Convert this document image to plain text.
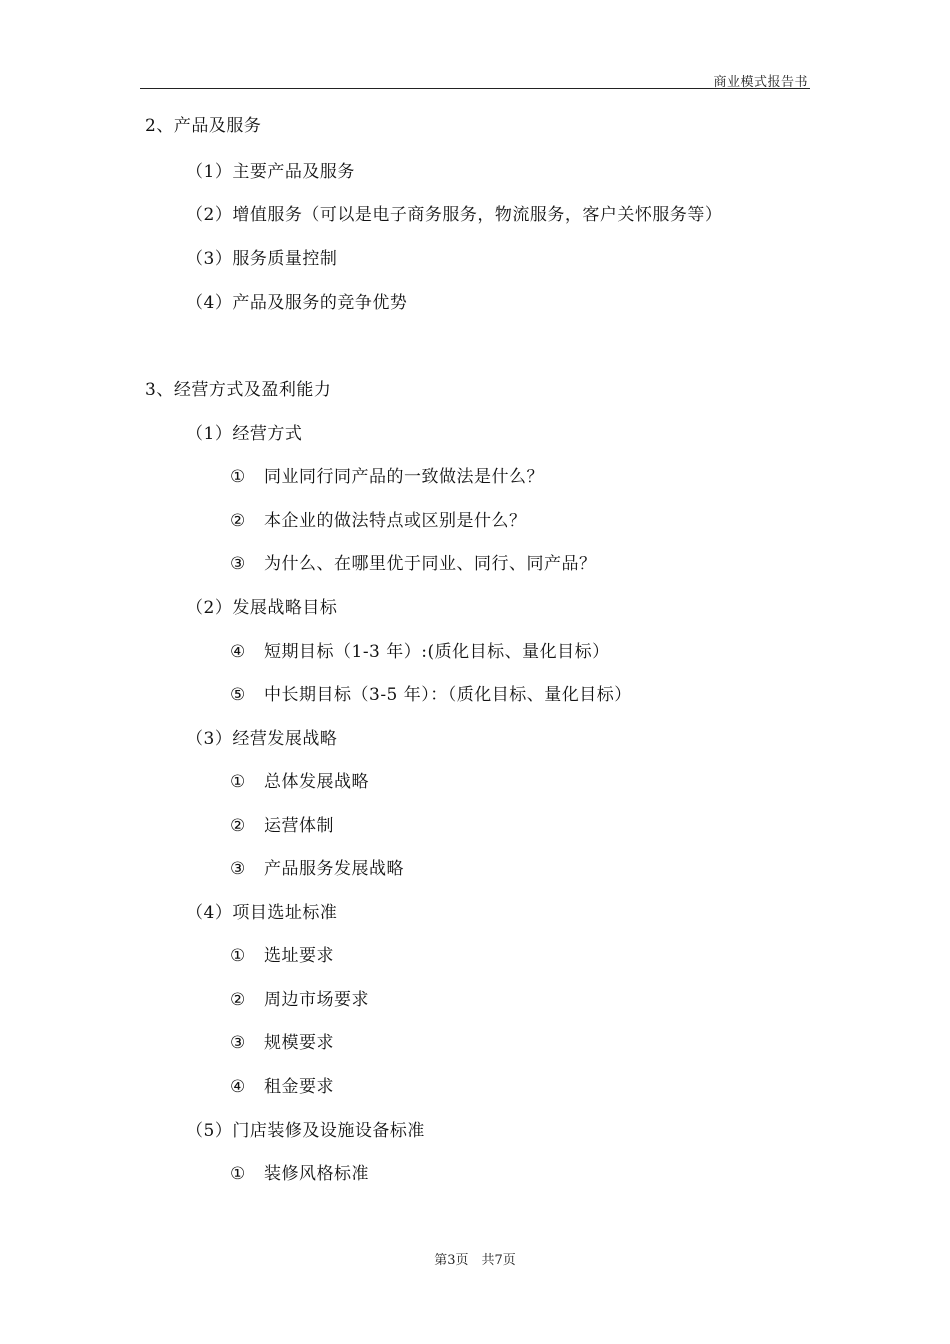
商业模式报告书
2、产品及服务
（1）主要产品及服务
（2）增值服务（可以是电子商务服务，物流服务，客户关怀服务等）
（3）服务质量控制
（4）产品及服务的竞争优势
3、经营方式及盈利能力
（1）经营方式
① 同业同行同产品的一致做法是什么？
② 本企业的做法特点或区别是什么？
③ 为什么、在哪里优于同业、同行、同产品？
（2）发展战略目标
④ 短期目标（1-3 年）:(质化目标、量化目标）
⑤ 中长期目标（3-5 年）：（质化目标、量化目标）
（3）经营发展战略
① 总体发展战略
② 运营体制
③ 产品服务发展战略
（4）项目选址标准
① 选址要求
② 周边市场要求
③ 规模要求
④ 租金要求
（5）门店装修及设施设备标准
① 装修风格标准
第3页　共7页
